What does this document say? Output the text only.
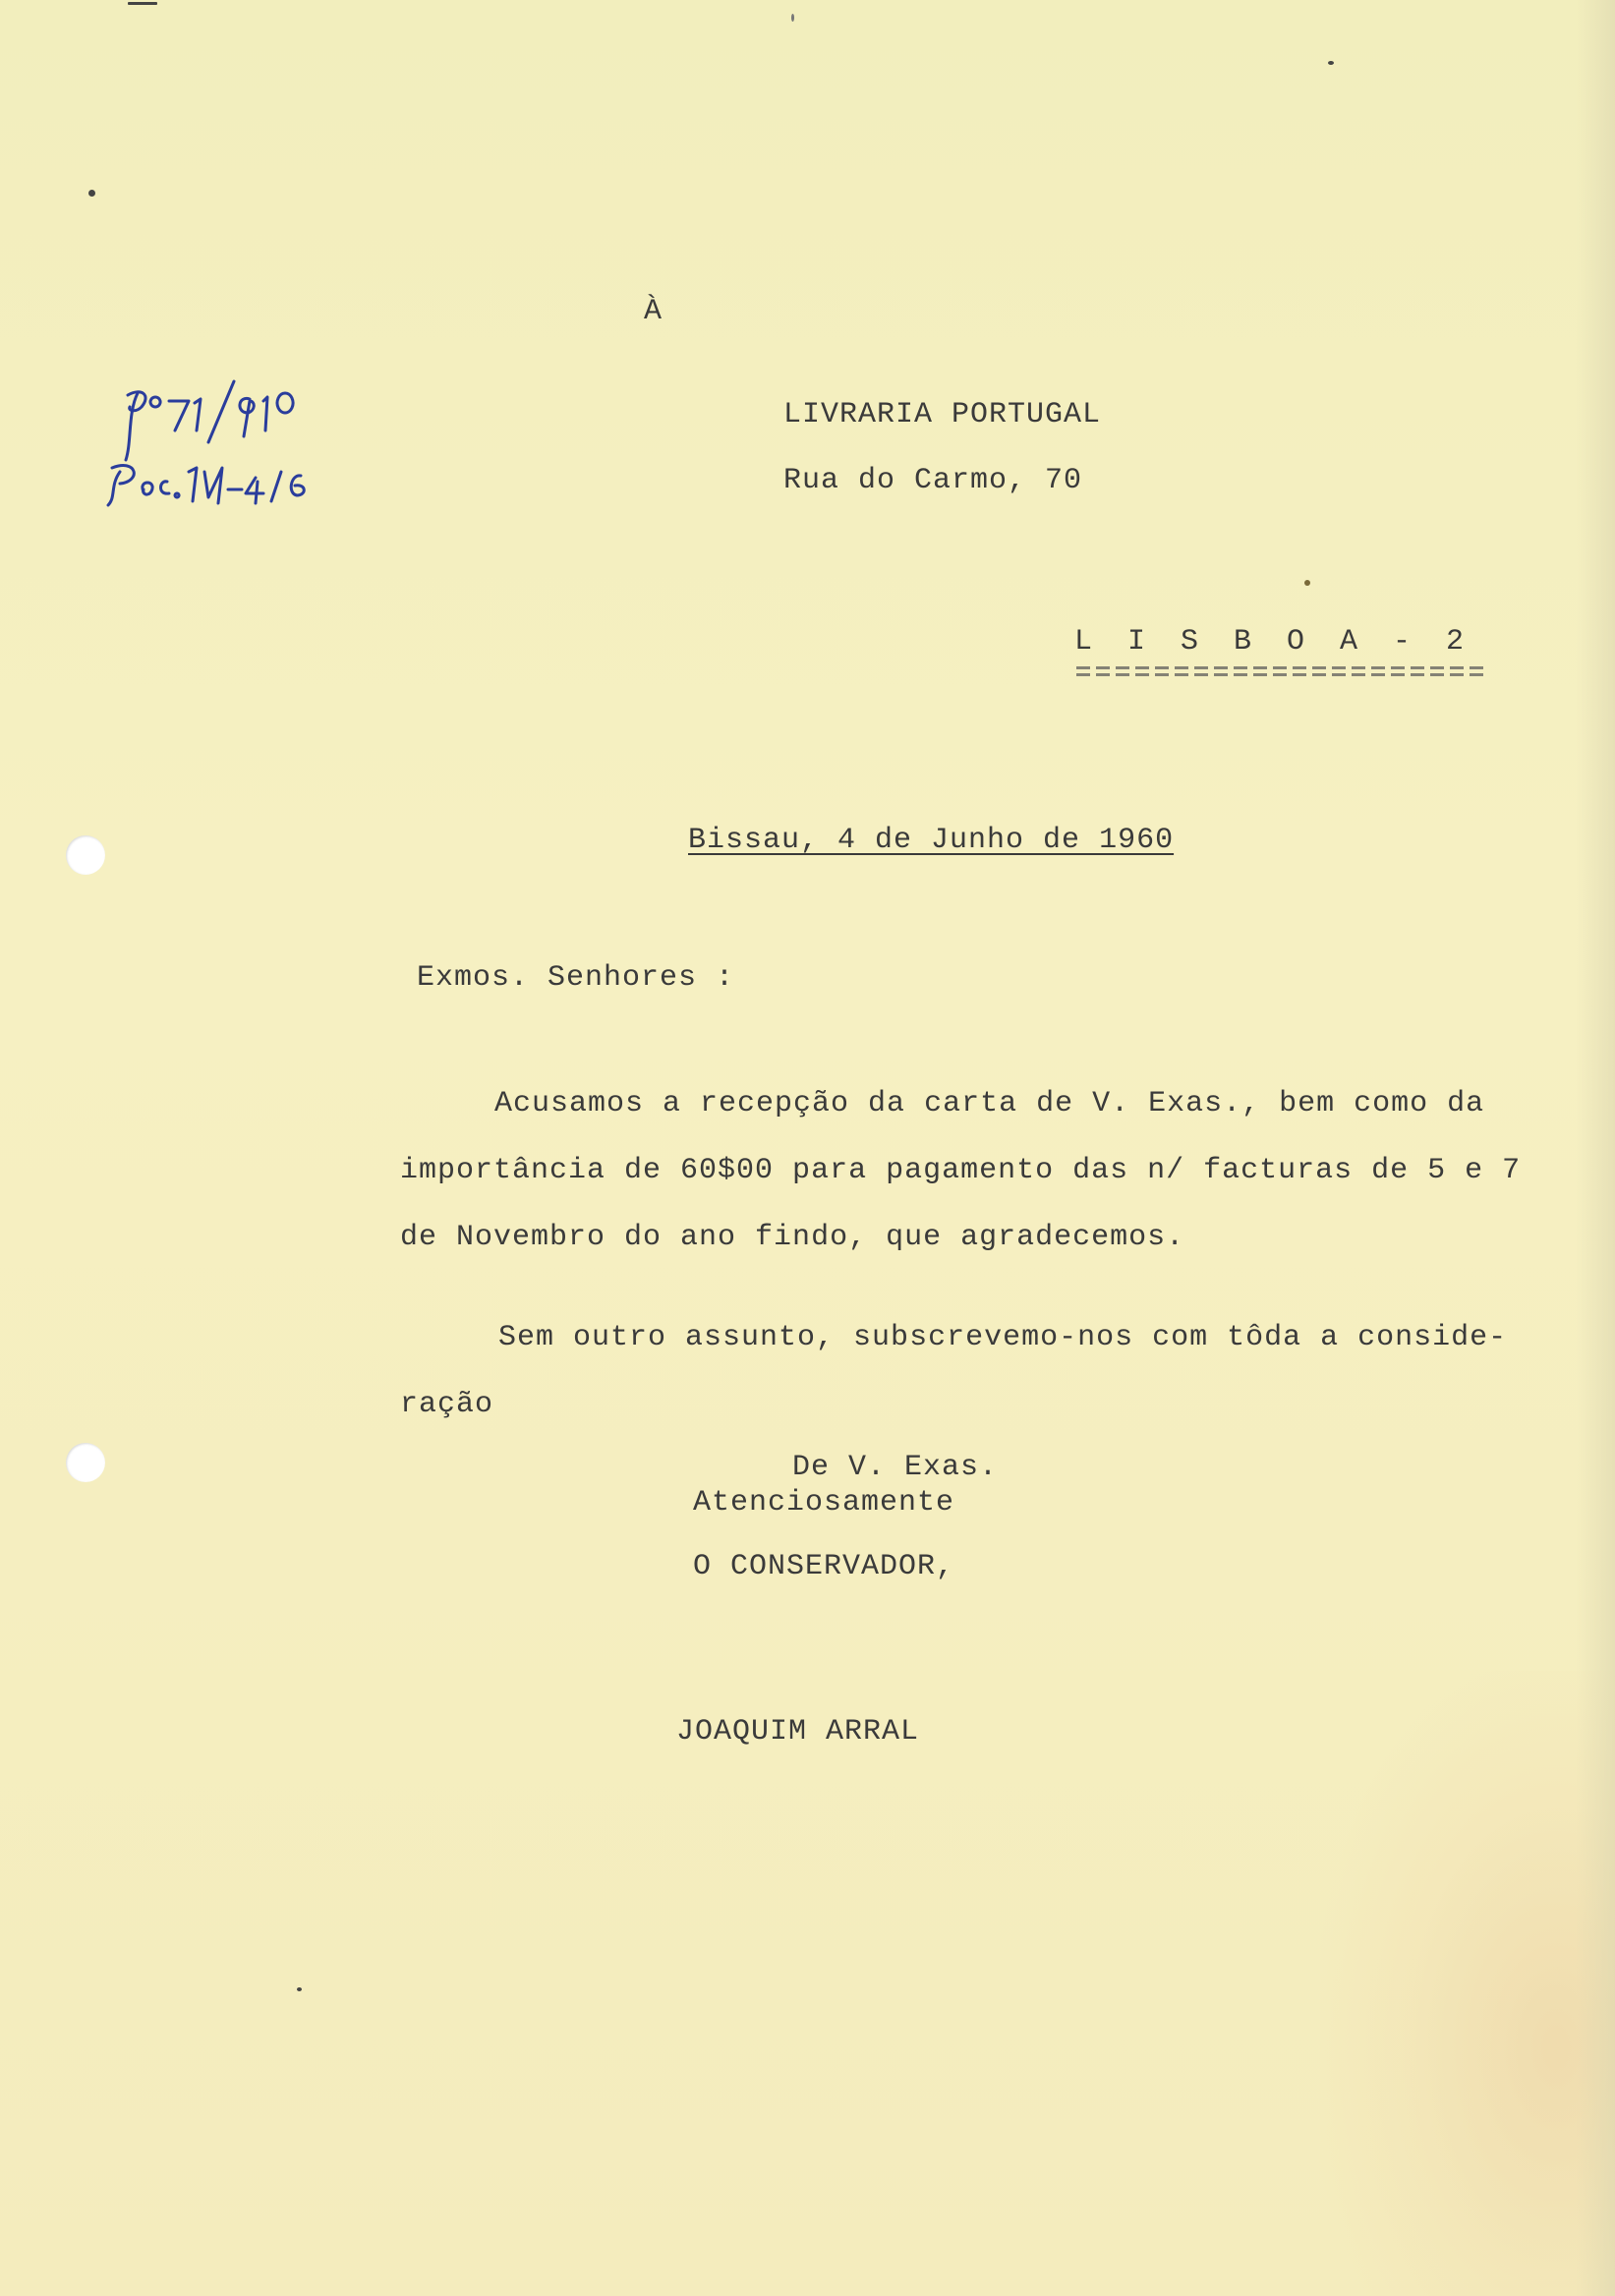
À
LIVRARIA PORTUGAL
Rua do Carmo, 70
L I S B O A - 2
Bissau, 4 de Junho de 1960
Exmos. Senhores :
Acusamos a recepção da carta de V. Exas., bem como da
importância de 60$00 para pagamento das n/ facturas de 5 e 7
de Novembro do ano findo, que agradecemos.
Sem outro assunto, subscrevemo-nos com tôda a conside-
ração
De V. Exas.
Atenciosamente
O CONSERVADOR,
JOAQUIM ARRAL
